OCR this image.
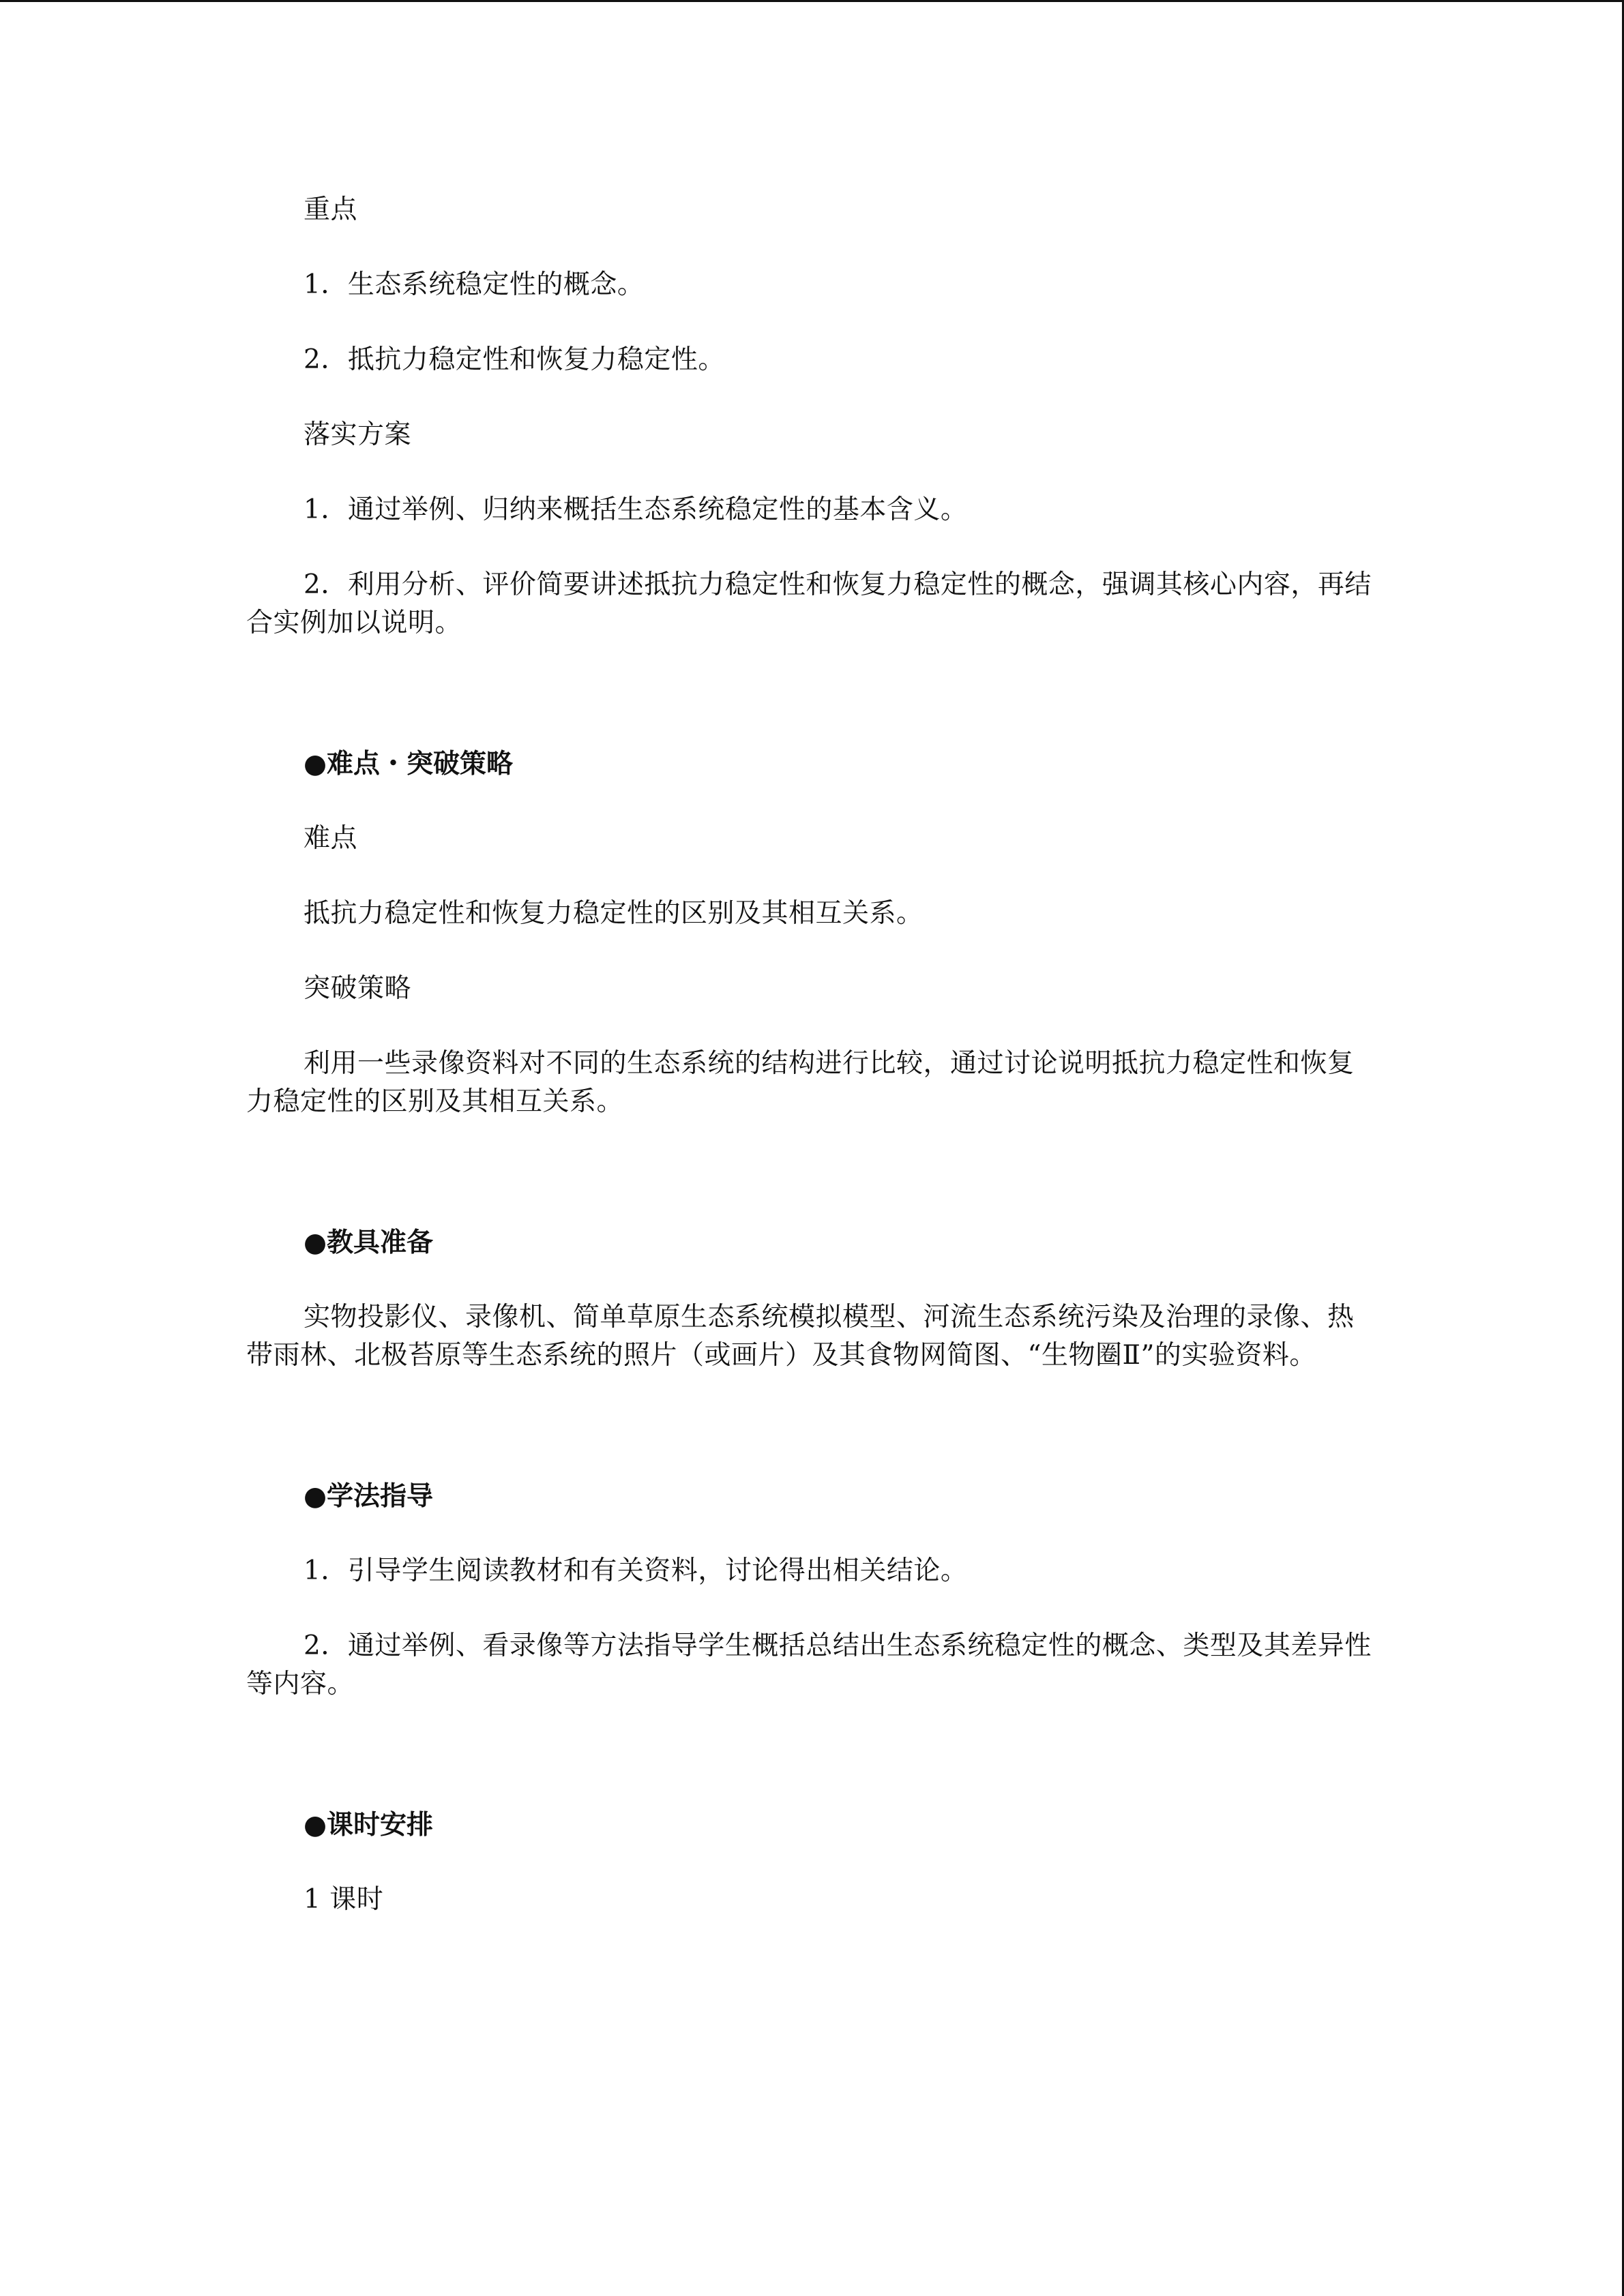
重点

1．生态系统稳定性的概念。

2．抵抗力稳定性和恢复力稳定性。

落实方案

1．通过举例、归纳来概括生态系统稳定性的基本含义。

2．利用分析、评价简要讲述抵抗力稳定性和恢复力稳定性的概念，强调其核心内容，再结合实例加以说明。

●难点・突破策略

难点

抵抗力稳定性和恢复力稳定性的区别及其相互关系。

突破策略

利用一些录像资料对不同的生态系统的结构进行比较，通过讨论说明抵抗力稳定性和恢复力稳定性的区别及其相互关系。

●教具准备

实物投影仪、录像机、简单草原生态系统模拟模型、河流生态系统污染及治理的录像、热带雨林、北极苔原等生态系统的照片（或画片）及其食物网简图、“生物圈Ⅱ”的实验资料。

●学法指导

1．引导学生阅读教材和有关资料，讨论得出相关结论。

2．通过举例、看录像等方法指导学生概括总结出生态系统稳定性的概念、类型及其差异性等内容。

●课时安排

1 课时
